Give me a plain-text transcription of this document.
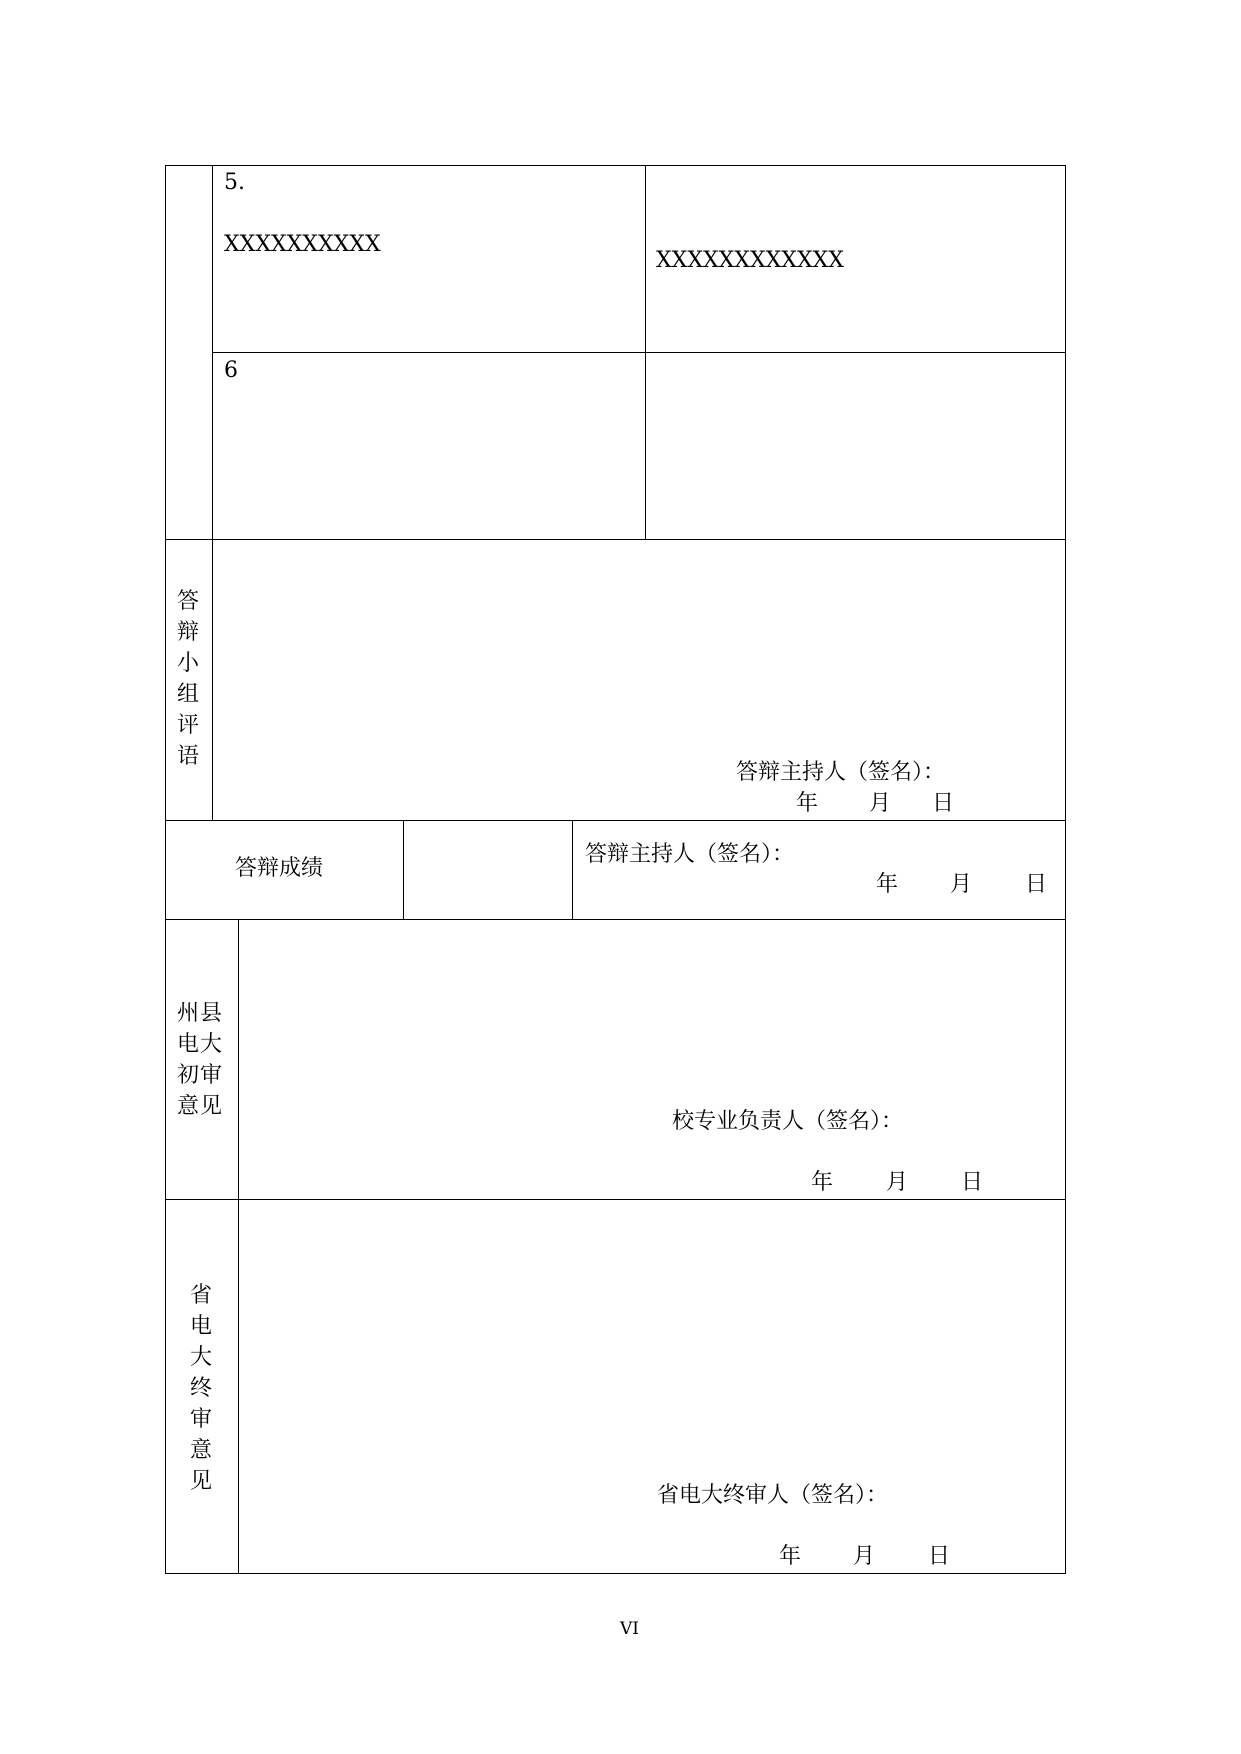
5.
XXXXXXXXXX
XXXXXXXXXXXX
6
答辩小组评语
答辩主持人（签名）：
年 月 日
答辩成绩
答辩主持人（签名）：
年 月 日
州县电大初审意见
校专业负责人（签名）：
年 月 日
省电大终审意见
省电大终审人（签名）：
年 月 日
VI
